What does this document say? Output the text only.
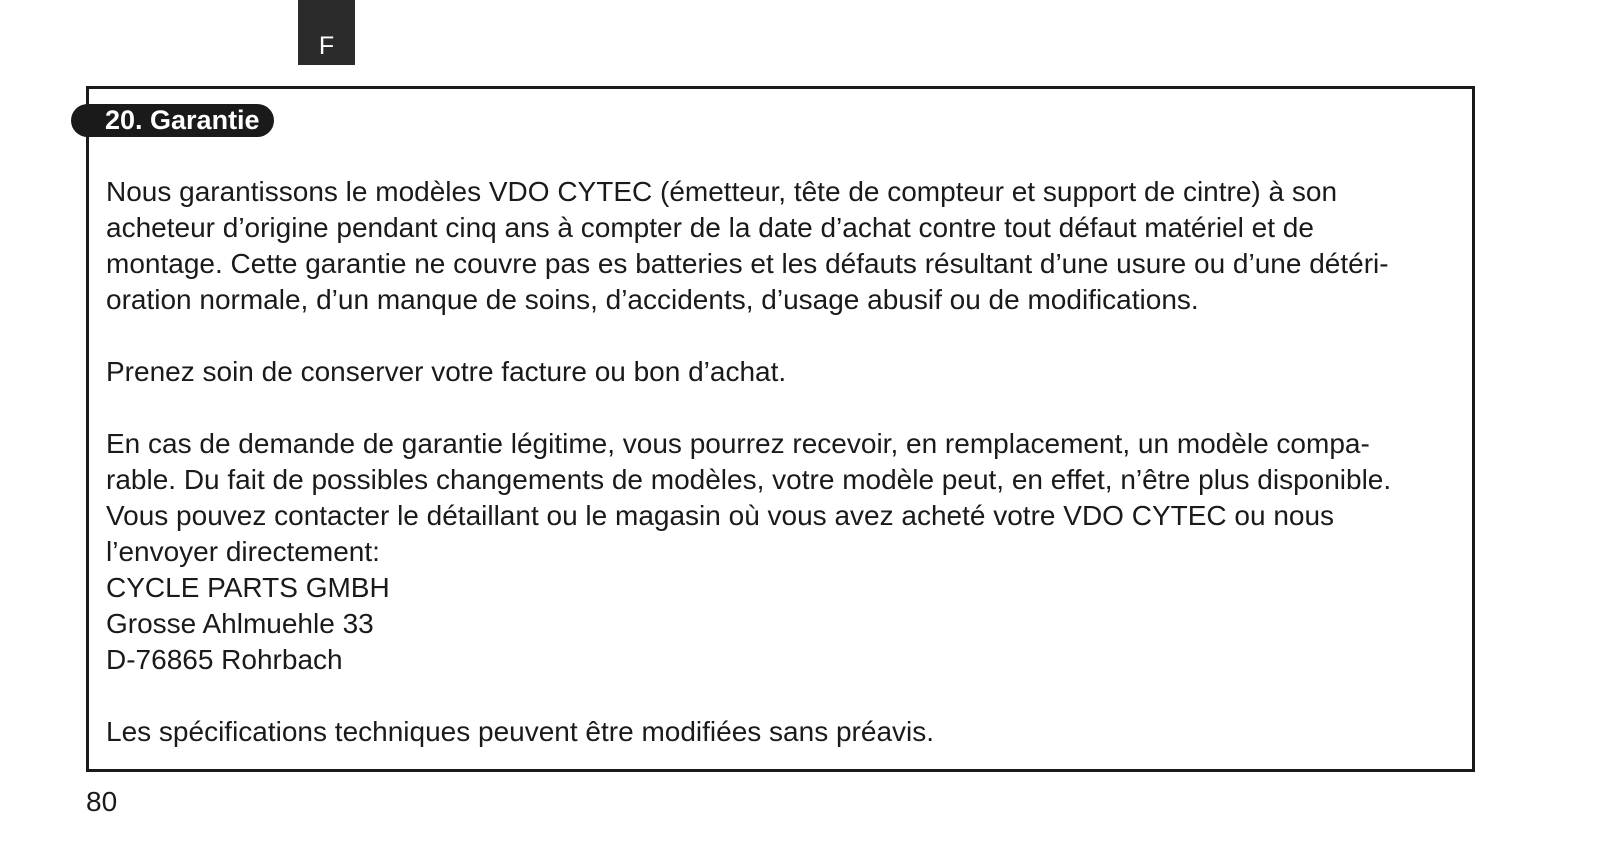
F
20. Garantie

Nous garantissons le modèles VDO CYTEC (émetteur, tête de compteur et support de cintre) à son
acheteur d’origine pendant cinq ans à compter de la date d’achat contre tout défaut matériel et de
montage. Cette garantie ne couvre pas es batteries et les défauts résultant d’une usure ou d’une détéri-
oration normale, d’un manque de soins, d’accidents, d’usage abusif ou de modifications.

Prenez soin de conserver votre facture ou bon d’achat.

En cas de demande de garantie légitime, vous pourrez recevoir, en remplacement, un modèle compa-
rable. Du fait de possibles changements de modèles, votre modèle peut, en effet, n’être plus disponible.
Vous pouvez contacter le détaillant ou le magasin où vous avez acheté votre VDO CYTEC ou nous
l’envoyer directement:
CYCLE PARTS GMBH
Grosse Ahlmuehle 33
D-76865 Rohrbach

Les spécifications techniques peuvent être modifiées sans préavis.

80
